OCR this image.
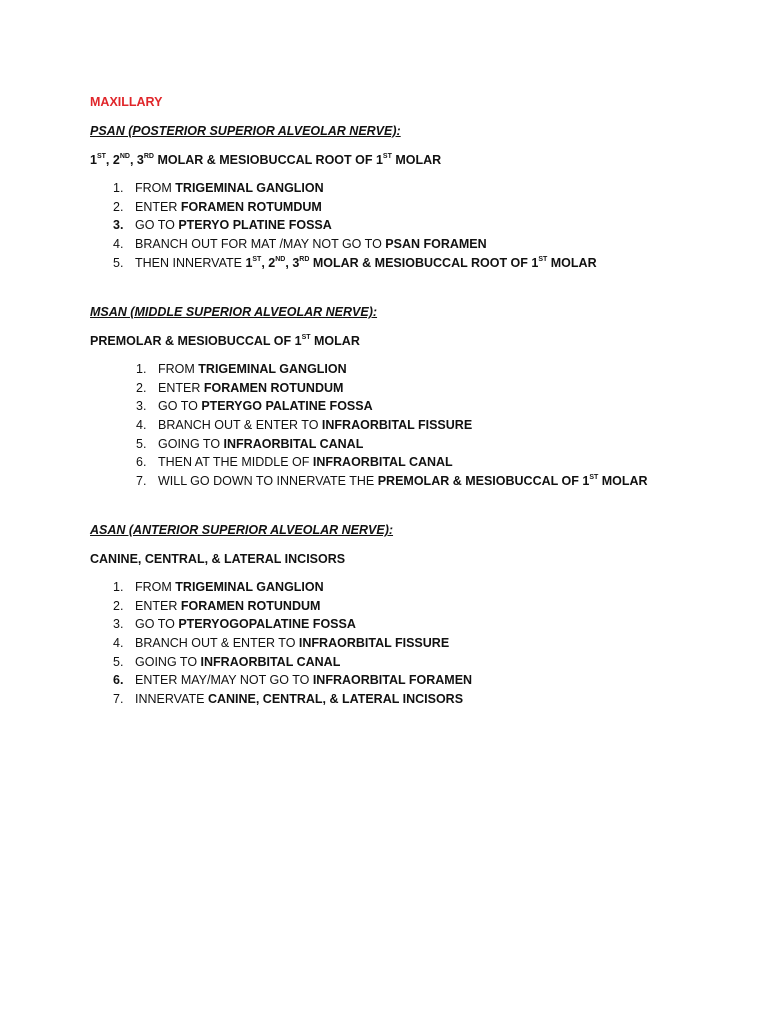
MAXILLARY
PSAN (POSTERIOR SUPERIOR ALVEOLAR NERVE):
1ST, 2ND, 3RD MOLAR & MESIOBUCCAL ROOT OF 1ST MOLAR
1. FROM TRIGEMINAL GANGLION
2. ENTER FORAMEN ROTUMDUM
3. GO TO PTERYO PLATINE FOSSA
4. BRANCH OUT FOR MAT /MAY NOT GO TO PSAN FORAMEN
5. THEN INNERVATE 1ST, 2ND, 3RD MOLAR & MESIOBUCCAL ROOT OF 1ST MOLAR
MSAN (MIDDLE SUPERIOR ALVEOLAR NERVE):
PREMOLAR & MESIOBUCCAL OF 1ST MOLAR
1. FROM TRIGEMINAL GANGLION
2. ENTER FORAMEN ROTUNDUM
3. GO TO PTERYGO PALATINE FOSSA
4. BRANCH OUT & ENTER TO INFRAORBITAL FISSURE
5. GOING TO INFRAORBITAL CANAL
6. THEN AT THE MIDDLE OF INFRAORBITAL CANAL
7. WILL GO DOWN TO INNERVATE THE PREMOLAR & MESIOBUCCAL OF 1ST MOLAR
ASAN (ANTERIOR SUPERIOR ALVEOLAR NERVE):
CANINE, CENTRAL, & LATERAL INCISORS
1. FROM TRIGEMINAL GANGLION
2. ENTER FORAMEN ROTUNDUM
3. GO TO PTERYOGOPALATINE FOSSA
4. BRANCH OUT & ENTER TO INFRAORBITAL FISSURE
5. GOING TO INFRAORBITAL CANAL
6. ENTER MAY/MAY NOT GO TO INFRAORBITAL FORAMEN
7. INNERVATE CANINE, CENTRAL, & LATERAL INCISORS
